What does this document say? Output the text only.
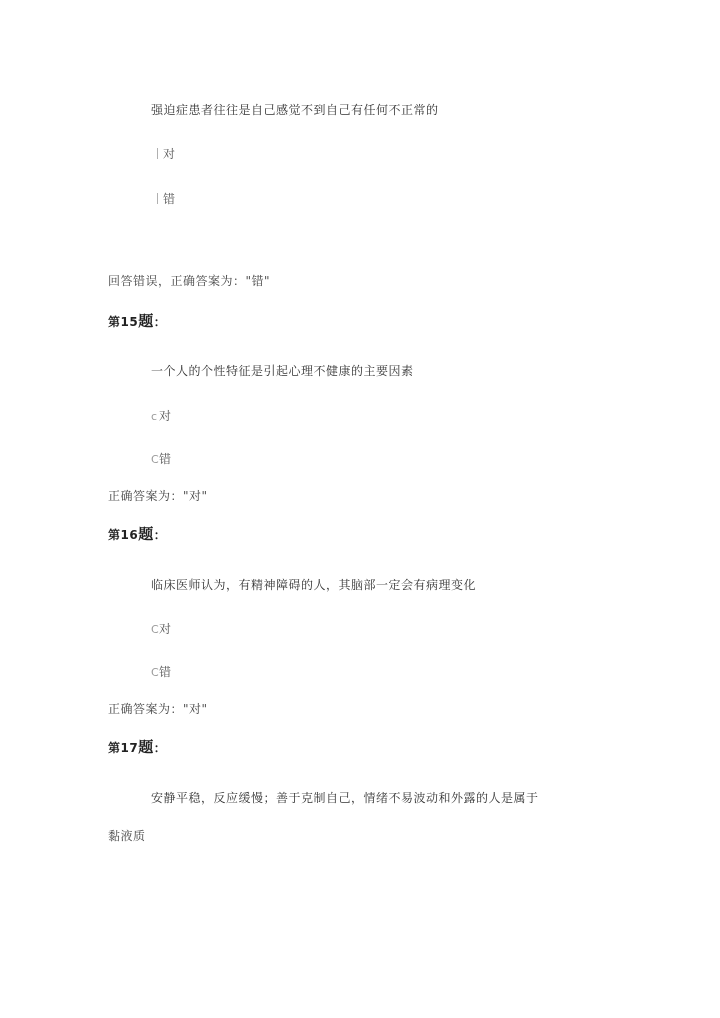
强迫症患者往往是自己感觉不到自己有任何不正常的
对
错
回答错误，正确答案为："错"
第15题：
一个人的个性特征是引起心理不健康的主要因素
c对
C错
正确答案为："对"
第16题：
临床医师认为，有精神障碍的人，其脑部一定会有病理变化
C对
C错
正确答案为："对"
第17题：
安静平稳，反应缓慢；善于克制自己，情绪不易波动和外露的人是属于
黏液质
